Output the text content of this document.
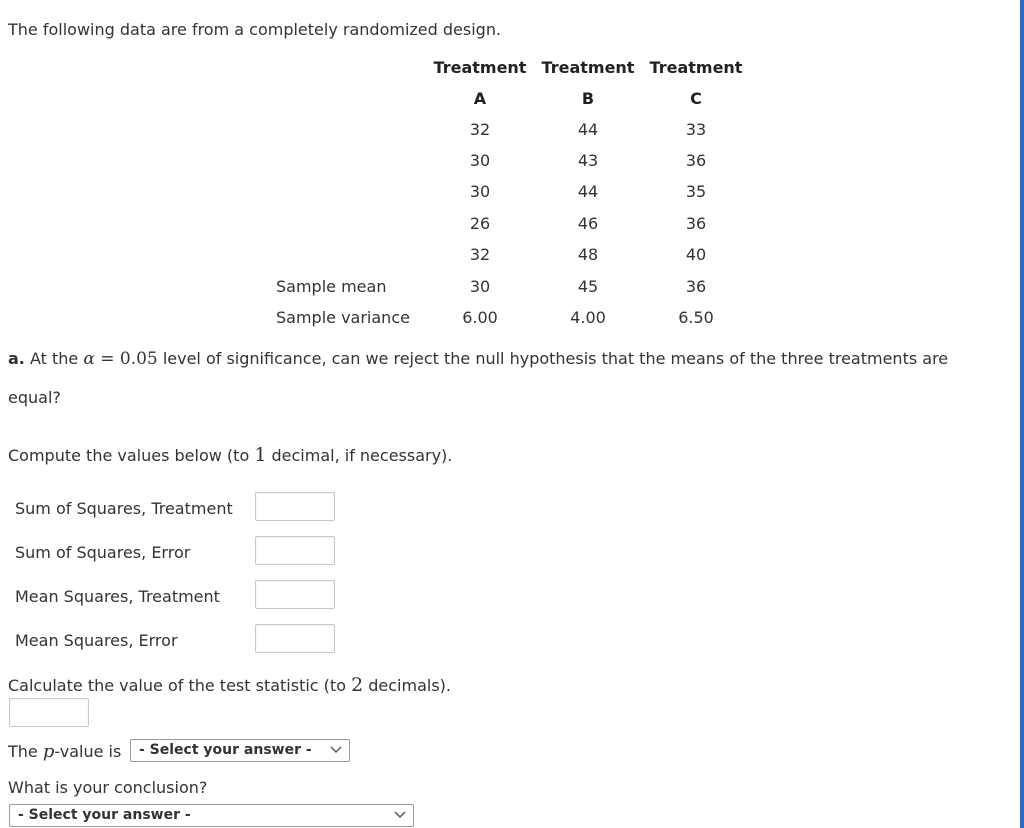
The following data are from a completely randomized design.
Treatment Treatment Treatment
A	B	C
32	44	33
30	43	36
30	44	35
26	46	36
32	48	40
Sample mean	30	45	36
Sample variance	6.00	4.00	6.50
a. At the α = 0.05 level of significance, can we reject the null hypothesis that the means of the three treatments are
equal?
Compute the values below (to 1 decimal, if necessary).
Sum of Squares, Treatment
Sum of Squares, Error
Mean Squares, Treatment
Mean Squares, Error
Calculate the value of the test statistic (to 2 decimals).
The p-value is	- Select your answer -
What is your conclusion?
- Select your answer -
